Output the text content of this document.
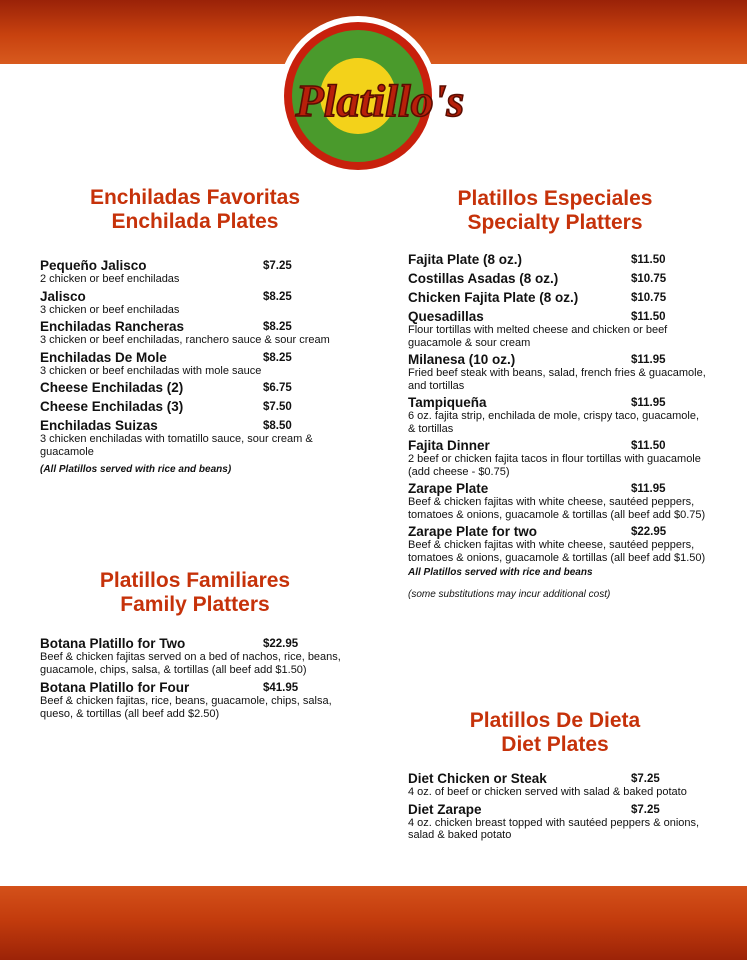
Platillo's
Enchiladas Favoritas
Enchilada Plates
Pequeño Jalisco	$7.25
2 chicken or beef enchiladas
Jalisco	$8.25
3 chicken or beef enchiladas
Enchiladas Rancheras	$8.25
3 chicken or beef enchiladas, ranchero sauce & sour cream
Enchiladas De Mole	$8.25
3 chicken or beef enchiladas with mole sauce
Cheese Enchiladas (2)	$6.75
Cheese Enchiladas (3)	$7.50
Enchiladas Suizas	$8.50
3 chicken enchiladas with tomatillo sauce, sour cream & guacamole
(All Platillos served with rice and beans)
Platillos Familiares
Family Platters
Botana Platillo for Two	$22.95
Beef & chicken fajitas served on a bed of nachos, rice, beans, guacamole, chips, salsa, & tortillas (all beef add $1.50)
Botana Platillo for Four	$41.95
Beef & chicken fajitas, rice, beans, guacamole, chips, salsa, queso, & tortillas (all beef add $2.50)
Platillos Especiales
Specialty Platters
Fajita Plate (8 oz.)	$11.50
Costillas Asadas (8 oz.)	$10.75
Chicken Fajita Plate (8 oz.)	$10.75
Quesadillas	$11.50
Flour tortillas with melted cheese and chicken or beef guacamole & sour cream
Milanesa (10 oz.)	$11.95
Fried beef steak with beans, salad, french fries & guacamole, and tortillas
Tampiqueña	$11.95
6 oz. fajita strip, enchilada de mole, crispy taco, guacamole, & tortillas
Fajita Dinner	$11.50
2 beef or chicken fajita tacos in flour tortillas with guacamole (add cheese - $0.75)
Zarape Plate	$11.95
Beef & chicken fajitas with white cheese, sautéed peppers, tomatoes & onions, guacamole & tortillas (all beef add $0.75)
Zarape Plate for two	$22.95
Beef & chicken fajitas with white cheese, sautéed peppers, tomatoes & onions, guacamole & tortillas (all beef add $1.50)
All Platillos served with rice and beans
(some substitutions may incur additional cost)
Platillos De Dieta
Diet Plates
Diet Chicken or Steak	$7.25
4 oz. of beef or chicken served with salad & baked potato
Diet Zarape	$7.25
4 oz. chicken breast topped with sautéed peppers & onions, salad & baked potato
